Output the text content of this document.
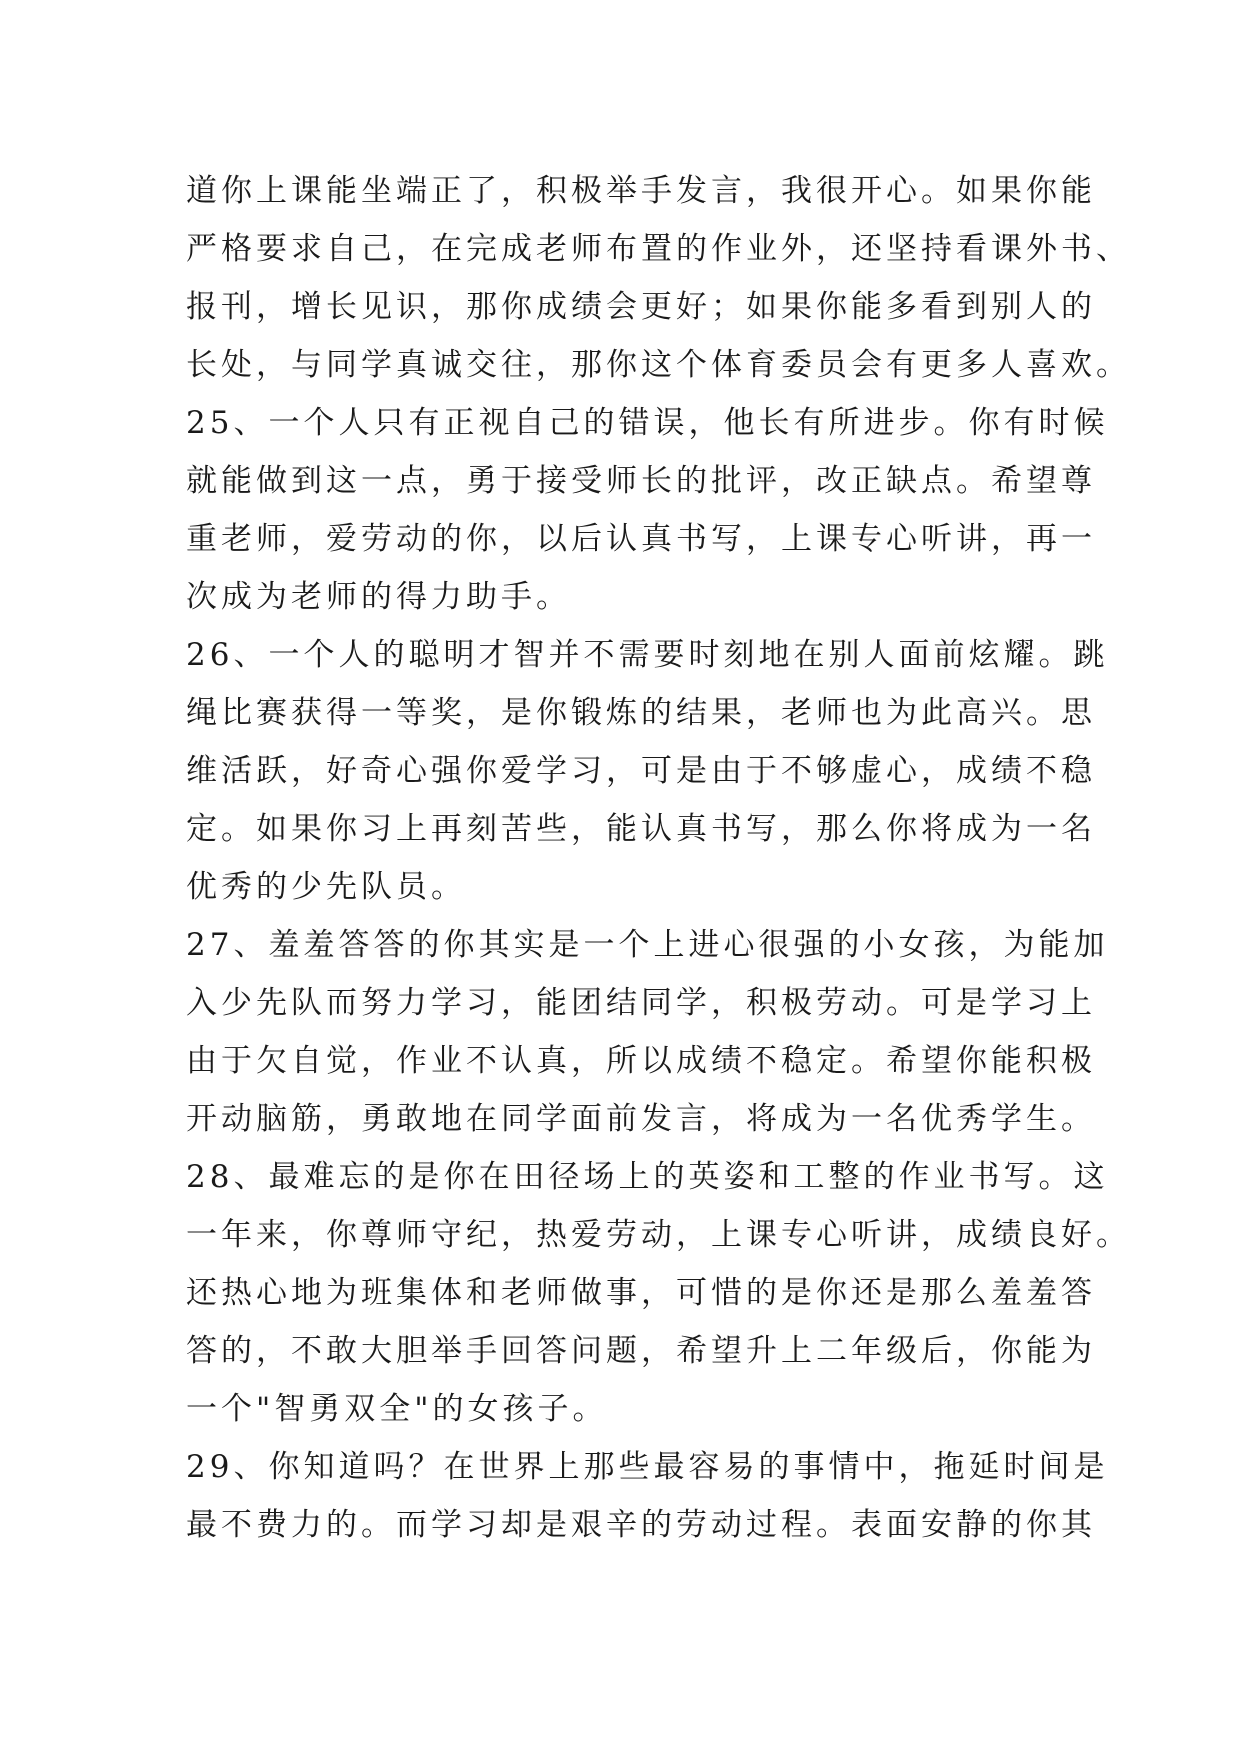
道你上课能坐端正了，积极举手发言，我很开心。如果你能
严格要求自己，在完成老师布置的作业外，还坚持看课外书、
报刊，增长见识，那你成绩会更好；如果你能多看到别人的
长处，与同学真诚交往，那你这个体育委员会有更多人喜欢。
25、一个人只有正视自己的错误，他长有所进步。你有时候
就能做到这一点，勇于接受师长的批评，改正缺点。希望尊
重老师，爱劳动的你，以后认真书写，上课专心听讲，再一
次成为老师的得力助手。
26、一个人的聪明才智并不需要时刻地在别人面前炫耀。跳
绳比赛获得一等奖，是你锻炼的结果，老师也为此高兴。思
维活跃，好奇心强你爱学习，可是由于不够虚心，成绩不稳
定。如果你习上再刻苦些，能认真书写，那么你将成为一名
优秀的少先队员。
27、羞羞答答的你其实是一个上进心很强的小女孩，为能加
入少先队而努力学习，能团结同学，积极劳动。可是学习上
由于欠自觉，作业不认真，所以成绩不稳定。希望你能积极
开动脑筋，勇敢地在同学面前发言，将成为一名优秀学生。
28、最难忘的是你在田径场上的英姿和工整的作业书写。这
一年来，你尊师守纪，热爱劳动，上课专心听讲，成绩良好。
还热心地为班集体和老师做事，可惜的是你还是那么羞羞答
答的，不敢大胆举手回答问题，希望升上二年级后，你能为
一个"智勇双全"的女孩子。
29、你知道吗？在世界上那些最容易的事情中，拖延时间是
最不费力的。而学习却是艰辛的劳动过程。表面安静的你其
